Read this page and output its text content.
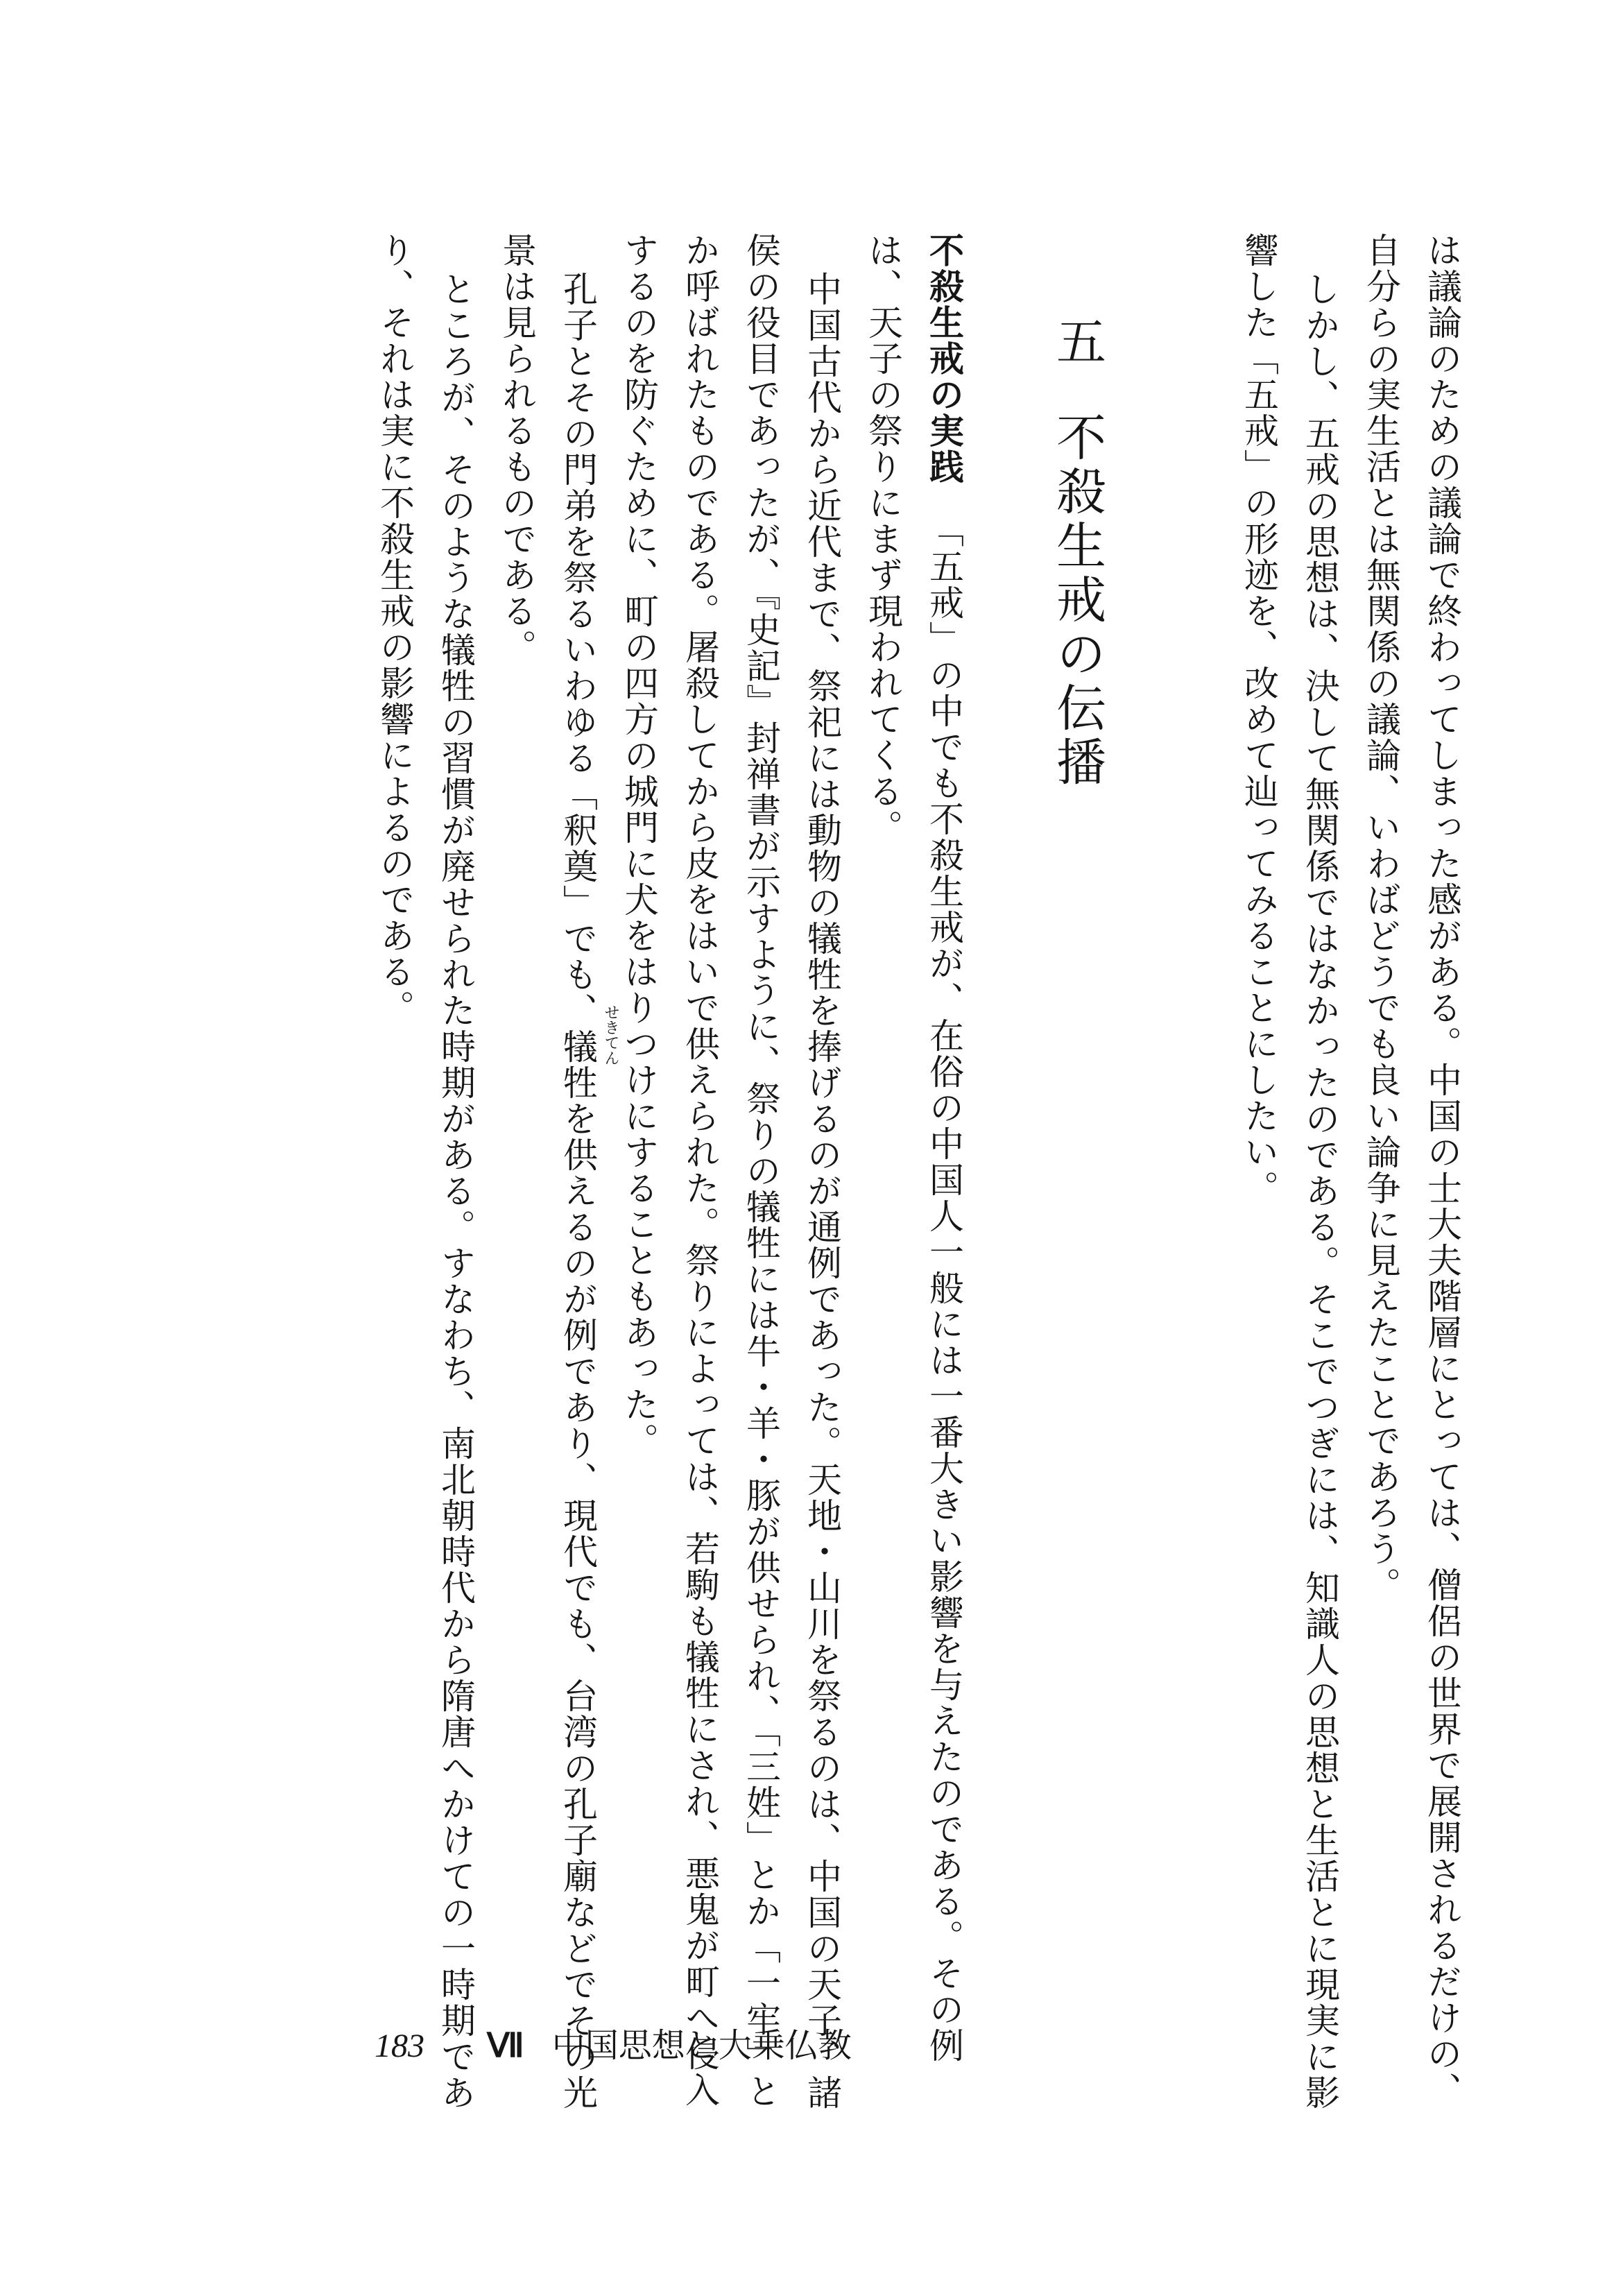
は議論のための議論で終わってしまった感がある。中国の士大夫階層にとっては、僧侶の世界で展開されるだけの、
自分らの実生活とは無関係の議論、いわばどうでも良い論争に見えたことであろう。
しかし、五戒の思想は、決して無関係ではなかったのである。そこでつぎには、知識人の思想と生活とに現実に影
響した「五戒」の形迹を、改めて辿ってみることにしたい。
五不殺生戒の伝播
不殺生戒の実践「五戒」の中でも不殺生戒が、在俗の中国人一般には一番大きい影響を与えたのである。その例
は、天子の祭りにまず現われてくる。
中国古代から近代まで、祭祀には動物の犠牲を捧げるのが通例であった。天地・山川を祭るのは、中国の天子、諸
侯の役目であったが、『史記』封禅書が示すように、祭りの犠牲には牛・羊・豚が供せられ、「三姓」とか「一牢」と
か呼ばれたものである。屠殺してから皮をはいで供えられた。祭りによっては、若駒も犠牲にされ、悪鬼が町へ侵入
するのを防ぐために、町の四方の城門に犬をはりつけにすることもあった。
せきてん
孔子とその門弟を祭るいわゆる「釈奠」でも、犠牲を供えるのが例であり、現代でも、台湾の孔子廟などでその光
景は見られるものである。
ところが、そのような犠牲の習慣が廃せられた時期がある。すなわち、南北朝時代から隋唐へかけての一時期であ
り、それは実に不殺生戒の影響によるのである。
183 Ⅶ 中国思想と大乗仏教
